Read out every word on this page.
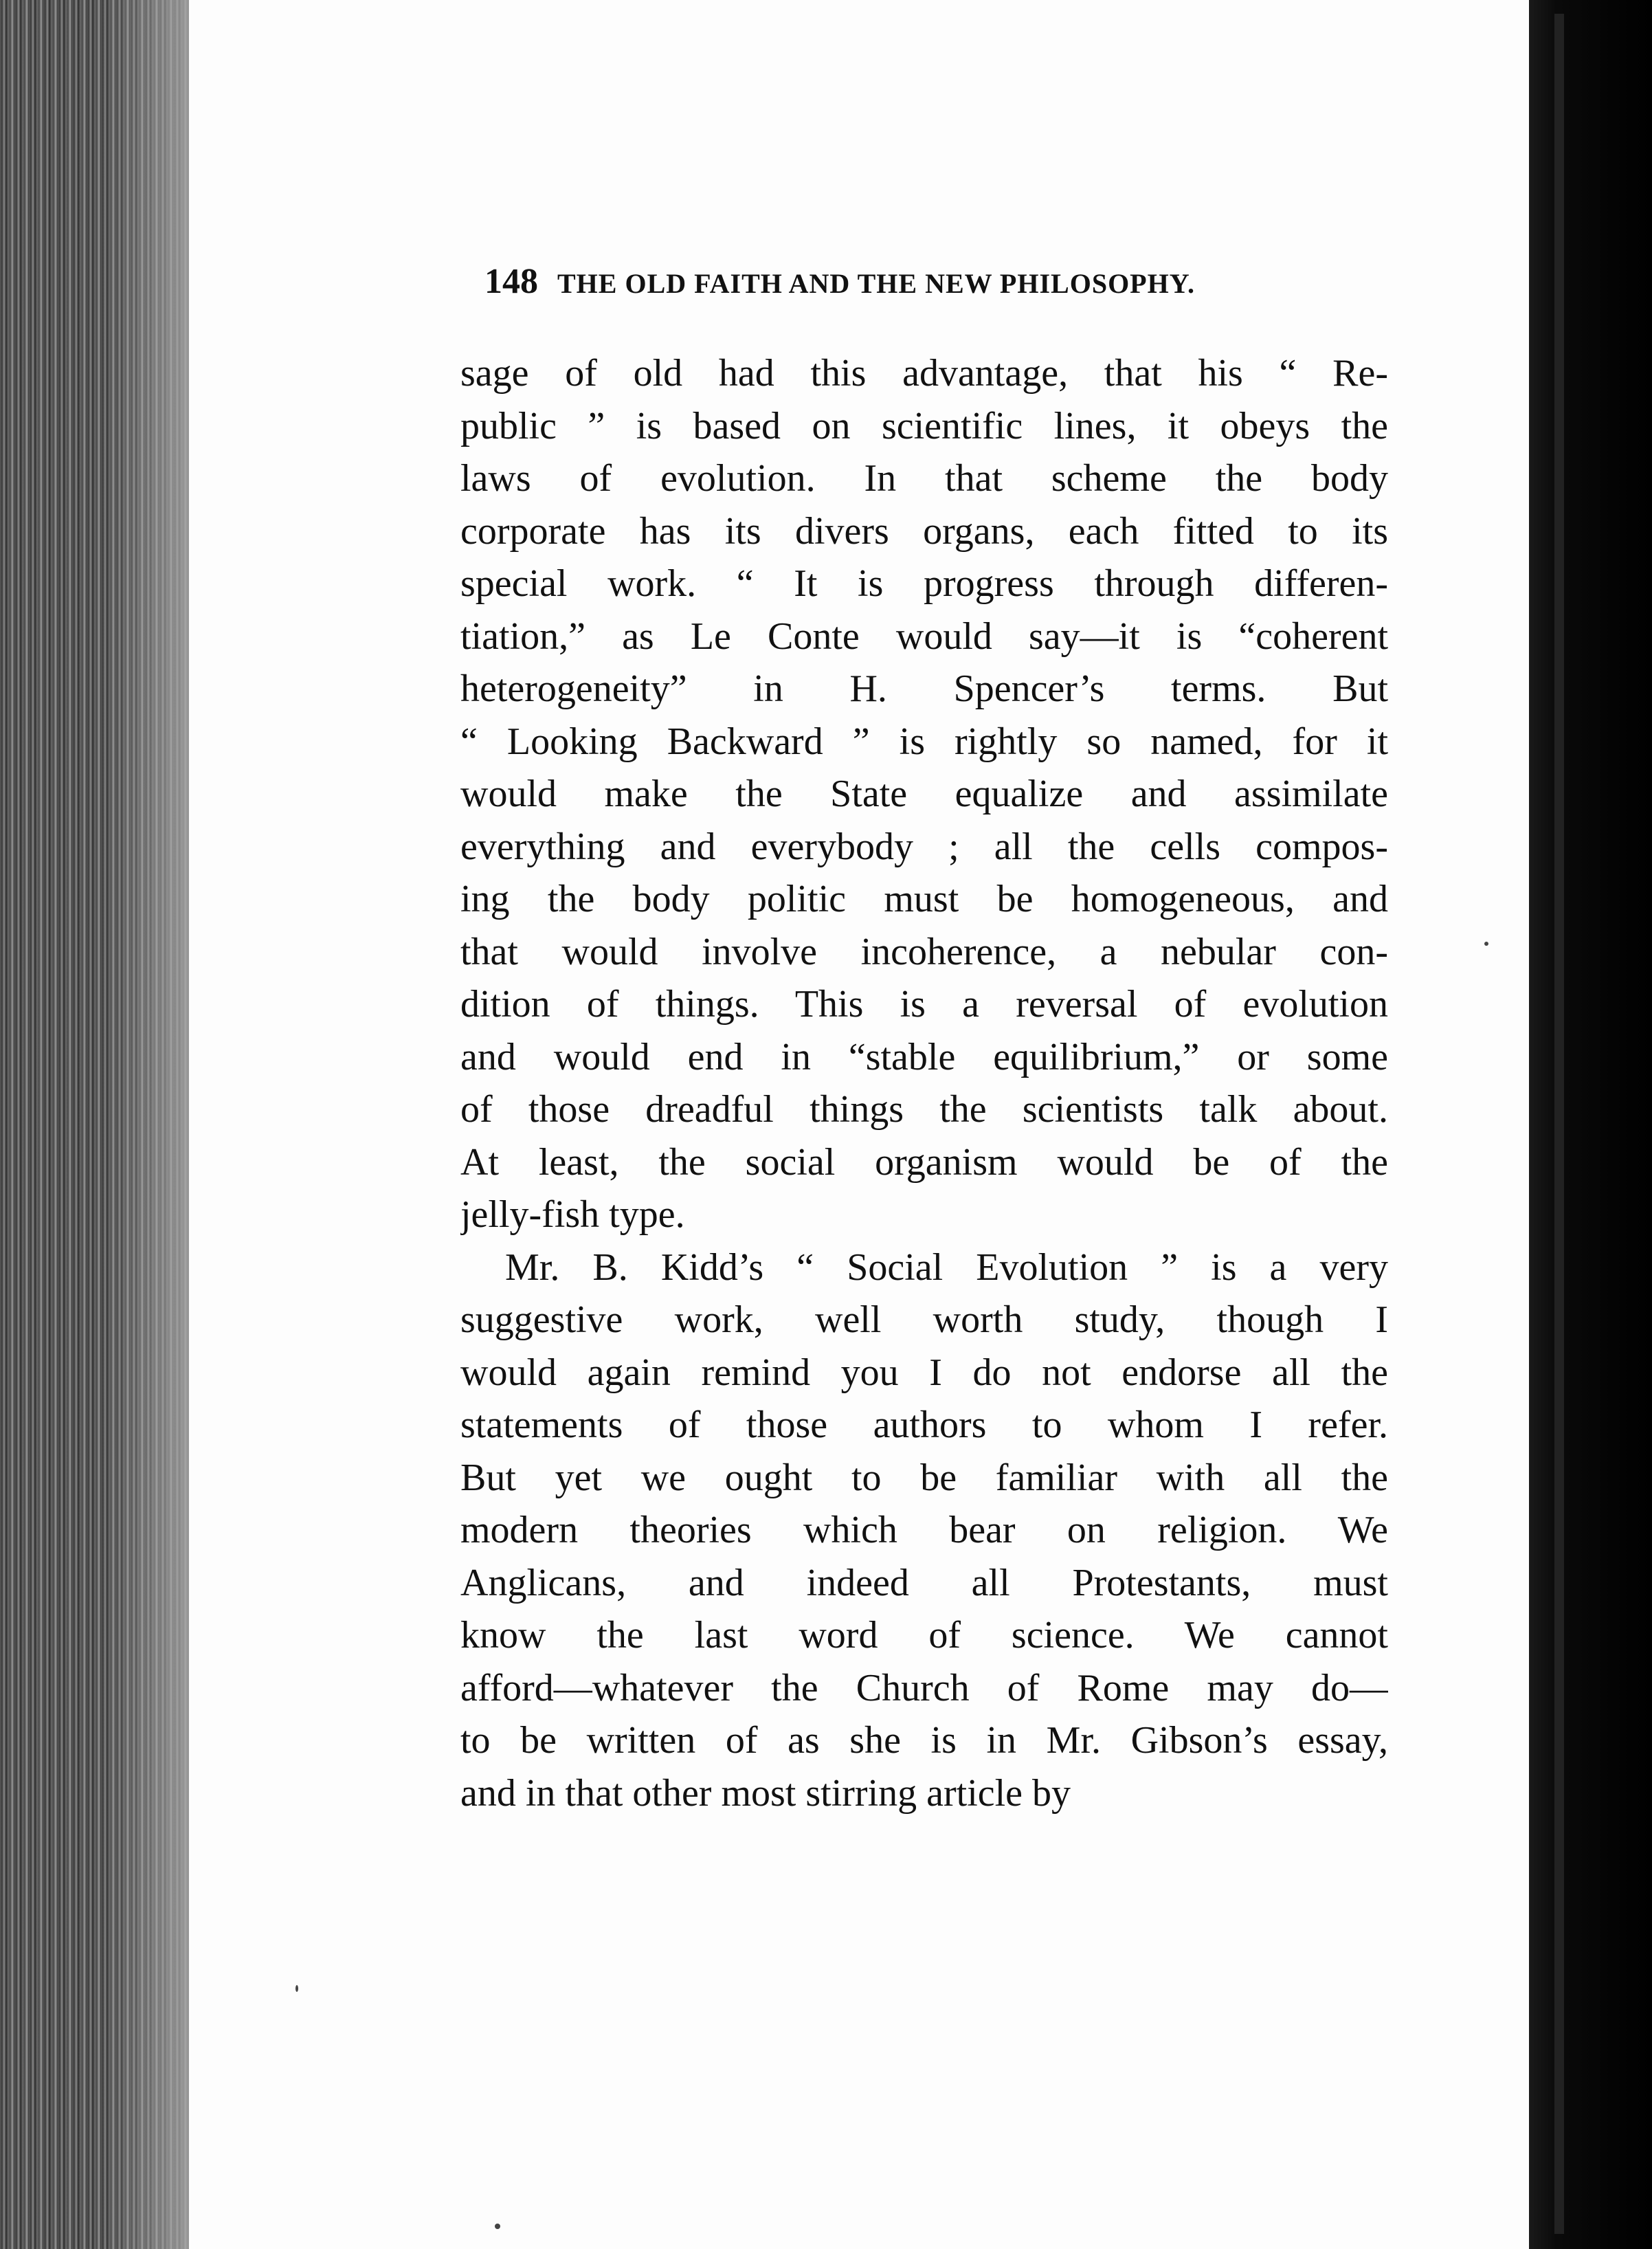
148 THE OLD FAITH AND THE NEW PHILOSOPHY.
sage of old had this advantage, that his “ Re-
public ” is based on scientific lines, it obeys the
laws of evolution. In that scheme the body
corporate has its divers organs, each fitted to its
special work. “ It is progress through differen-
tiation,” as Le Conte would say—it is “coherent
heterogeneity” in H. Spencer’s terms. But
“ Looking Backward ” is rightly so named, for it
would make the State equalize and assimilate
everything and everybody ; all the cells compos-
ing the body politic must be homogeneous, and
that would involve incoherence, a nebular con-
dition of things. This is a reversal of evolution
and would end in “stable equilibrium,” or some
of those dreadful things the scientists talk about.
At least, the social organism would be of the
jelly-fish type.
Mr. B. Kidd’s “ Social Evolution ” is a very
suggestive work, well worth study, though I
would again remind you I do not endorse all the
statements of those authors to whom I refer.
But yet we ought to be familiar with all the
modern theories which bear on religion. We
Anglicans, and indeed all Protestants, must
know the last word of science. We cannot
afford—whatever the Church of Rome may do—
to be written of as she is in Mr. Gibson’s essay,
and in that other most stirring article by
